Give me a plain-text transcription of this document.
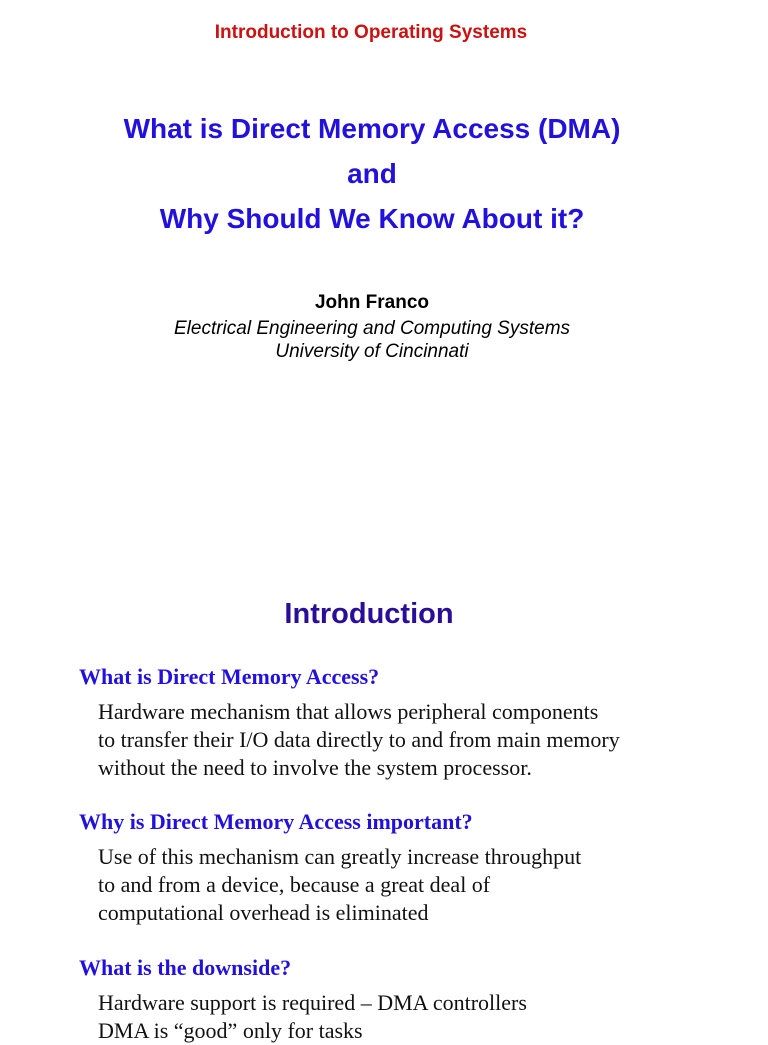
Introduction to Operating Systems
What is Direct Memory Access (DMA)
and
Why Should We Know About it?
John Franco
Electrical Engineering and Computing Systems
University of Cincinnati
Introduction
What is Direct Memory Access?
Hardware mechanism that allows peripheral components
to transfer their I/O data directly to and from main memory
without the need to involve the system processor.
Why is Direct Memory Access important?
Use of this mechanism can greatly increase throughput
to and from a device, because a great deal of
computational overhead is eliminated
What is the downside?
Hardware support is required – DMA controllers
DMA is “good” only for tasks
